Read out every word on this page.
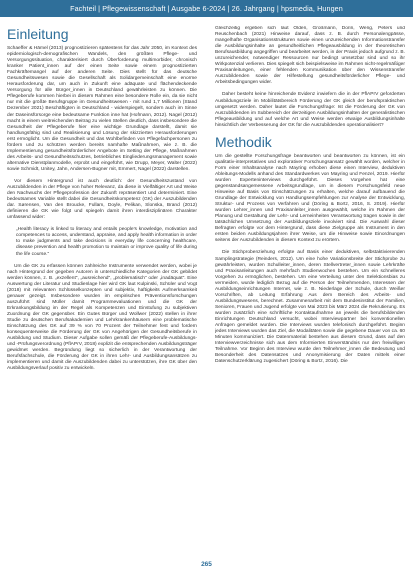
Fachteil | Pflegewissenschaft | Ausgabe 6-2024 | 26. Jahrgang | hpsmedia, Hungen
Einleitung

Schaeffer & Hämel (2013) prognostizieren spätestens für das Jahr 2050, im Kontext des epidemiologisch-demografischen Wandels, den größten Pflege- und Versorgungssituation, charakterisiert durch Überforderung multimorbider, chronisch kranker Patient_innen auf der einen Seite sowie einem prognostizierten Fachkräftemangel auf der anderen Seite. Dies stellt für das deutsche Gesundheitswesen sowie die Gesellschaft als Solidargemeinschaft eine enorme Herausforderung dar, um auch in Zukunft eine adäquate und flächendeckende Versorgung für alle Bürger_innen in Deutschland gewährleisten zu können. Die Pflegeberufe kommen hierbei in diesem Rahmen eine besondere Rolle ein, da sie nicht nur mit die größte Berufsgruppe im Gesundheitswesen - mit rund 1,7 Millionen (Stand Dezember 2021) Beschäftigten in Deutschland - widerspiegelt, sondern auch im Sinne der Daseinsfürsorge eine bedeutsame Funktion inne hat (Hofmann, 2012). Nagel (2012) macht in einem weitreichenden Beitrag zu vielen Stellen deutlich, dass insbesondere die Gesundheit der Pflegeberufe hier eine wichtige Grundlage darstellt, damit sie handlungsfähig sind und Realisierung und Lösung der skizzierten Herausforderungen erst ermöglicht. Um die Gesundheit und das Wohlbefinden von Pflegefachpersonen zu fördern und zu schützen werden bereits namhafte Maßnahmen, wie z. B. die Implementierung gesundheitsförderlicher Angebote im Setting der Pflege, Maßnahmen des Arbeits- und Gesundheitsschutzes, betriebliches Eingliederungsmanagement sowie alternative Dienstplanmodelle, erprobt und eingeführt, wie Drupp, Meyer, Walter (2022) sowie Schmidt, Unitey, Jahn, Andersen-Bugner mit, Emmert, Nagel (2022) darstellen.

Vor diesem Hintergrund ist auch deutlich: der Gesundheitszustand von Auszubildenden in der Pflege von hoher Relevanz, da diese in Vielfältiger Art und Weise den Nachwuchs der Pflegeprofession der Zukunft repräsentiert und determiniert. Eine bedeutsames Variable stellt dabei die Gesundheitskompetenz (GK) der Auszubildenden dar. Sørensen, Van den Broucke, Fullam, Doyle, Pelikan, Slonska, Brand (2012) definieren die GK wie folgt und spiegeln damit ihren interdisziplinären Charakter umfassend wider:

„Health literacy is linked to literacy and entails people's knowledge, motivation and competences to access, understand, appraise, and apply health information in order to make judgments and take decisions in everyday life concerning healthcare, disease prevention and health promotion to maintain or improve quality of life during the life course."

Um die GK zu erfassen können zahlreiche Instrumente verwendet werden, wobei je nach Hintergrund der gegeben Autoren in unterschiedliche Kategorien der GK gebildet werden können, z. B. „exzellent", „ausreichend", „problematisch" oder „inadäquat". Eine Auswertung der Literatur und Studienlage hier wird GK laut Kulpinski, Schüler und Vogt (2018) mit relevanten Schlüsselkonzepten und subjektiv, haftigkeits Aufmerksamkeit genauer gezeigt. Insbesondere wurden im empirischen Präventionsforschungen auszuführt sind Müller damit Programmevaluationen und die GK der Erkrankungsbildung im der Regel als Kompetenzen und Einstufung zu subjektiven Zuordnung der GK gegenüber. Ein Gutes Bürger und Wollwer (2022) stellen in ihrer Studie zu deutschen Berufsakademien und Lehrkrankenhäusern eine problematische Einschätzung des GK auf 39 % von 70 Prozent der Teilnehmer fest und fordern konsequenterweise die Förderung der GK von Angehörigen der Gesundheitsberufe in Ausbildung und Studium. Dieser Aufgabe sollen gemäß der Pflegeberufe-Ausbildungs- und -Prüfungsverordnung (PflAPrV, 2018) explizit die entsprechenden Ausbildungsträger gewidmet werden. Begründung liegt so sicherlich in der Verantwortung der Berufsfachschule, die Förderung der GK in ihren Lehr- und Ausbildungsansätzen zu implementieren und damit die Auszubildenden dabei zu unterstützen, ihre GK über den Ausbildungsverlauf positiv zu entwickeln.

Gleichzeitig ergeben sich laut Olden, Großmann, Dorin, Weng, Peters und Reuschenbach (2021) Hinweise darauf, dass z. B. durch Personalengpässe, mangelhafte Organisationsstrukturen sowie einen unzureichenden Informationstransfer die Ausbildungsinhalte an gesundheitlichen Pflegeausbildung in der theoretischen Berufsausbildung angegriffen und bearbeitet werden, in der Praxis jedoch aufgrund z. B. unzureichender, notwendiger Ressourcen nur bedingt umsetzbar sind und so ihr Wirkpotenzial verlieren. Dies spiegelt sich beispielsweise im Rahmen nicht-regelmäßiger Praxisanleitungen, einer fehlenden Kommunikation über den Wissenstransfer Auszubildenden sowie der Hilfestellung gesundheitsförderlicher Pflege- und Arbeitsbedingungen wider.

Daher besteht keine hinreichende Evidenz inwiefern die in der PflAPrV geforderten Ausbildungsziele im Mobilitätsbereich Förderung der GK gleich der berufspraktischen umgesetzt werden. Daher lautet die Forschungsfrage: Ist die Förderung der GK von Auszubildenden im Subbereich der derzeitigen Ausbildungsinhalten der generalistischen Pflegeausbildung und auf welche Art und Weise werden etwaige Ausbildungsinhalte hinsichtlich der Verbesserung der GK für die Auszubildenden operationalisiert?

Methodik

Um die gestellte Forschungsfrage beantworten und beantworten zu können, ist ein qualitativ-interpretatives und explorativer Forschungsansatz gewählt worden, welcher in Form einer Inhaltsanalyse nach Mayring erhoben diese einen Interview, deduktiven Ableitungs-Modells anhand des Standardwerkes von Mayring und Fenzel, 2019. Hierfür wurden Experteninterviews durchgeführt. Dieses Vorgehen hat eine gegenstandsangemessene Arbeitsgrundlage, um in diesem Forschungsfeld neue Hinweise auf Basis von Einschätzungen zu erhalten, welche darauf aufbauend die Grundlage der Entwicklung von Handlungsempfehlungen zur Analyse der Entwicklung, Struktur- und Prozess von Verfahren und (Döring & Bortz, 2016, S. 2019). Hierfür wurden Lehrer_innen und Praxisanleiter_innen ausgewählt, welche im Rahmen der Planung und Gestaltung der Lehr- und Lerneinheiten Verantwortung tragen sowie in der tatsächlichen Umsetzung der Ausbildungsziele involviert sind. Die Auswahl dieser Befragten erfolgte vor dem Hintergrund, dass diese Zielgruppe als Instrument in den ersten beiden Ausbildungsjahren ihrer Weise, um die Hinweise sowie Einordnungen seitens der Auszubildenden in diesem Kontext zu erörtern.

Die Stichprobenziehung erfolgte auf Basis einer deduktiven, selbstaktivierenden Samplingstrategie (Reinders, 2012). Um eine hohe Variationsbreite der Stichprobe zu gewährleisten, wurden Schulleiter_innen, deren Stellvertreter_innen sowie Lehrkräfte und Praxisanleitungen auch mehrfach Studienwochen bestehen. Um ein schnelleres Vorgehen zu ermöglichen, bestehen. Um eine Verteilung unter den Selektionsbias zu vermeiden, wurde lediglich Bezug auf die Person der Teilnehmenden, Interessen der Ausbildungseinrichtungen Internet, wie z. B. Niederlage der Schule, durch Weißer Vorschriften, ab Leitung Erfahrung Aus dem Bereich des Arbeits- und Ausbildungswesens, berechnet. Zusammenarbeit mit dem Bundesinstitut der Familien, Senioren, Frauen und Jugend erfolgte von Mai 2023 bis März 2024 die Rekrutierung. Es wurden zusätzlich eine schriftliche Kontaktaufnahme an jeweils die berufsbildenden Einrichtungen Deutschland versucht, wobei Interviewpartner bei konventionellen Anfragen gemeldet wurden. Die Interviews wurden telefonisch durchgeführt. Beginn jedes Interviews wurden das Ziel, die Modalitäten sowie die gegebene Dauer von ca. 60 Minuten kommuniziert. Die Datenmaterial bestehen aus diesem Grund, dass auf den Interviewverzeichnisse sich aus dem Informierten Einverständnis nur den freiwilligen Teilnahme. Vor Beginn des Interview wurde den Teilnehmer_innen die Bedeutung und Besonderheit des Datensatzes und Anonymisierung der Daten mittels einer Datenschutzerklärung zugesichert (Döring & Bortz, 2016). Die

265
